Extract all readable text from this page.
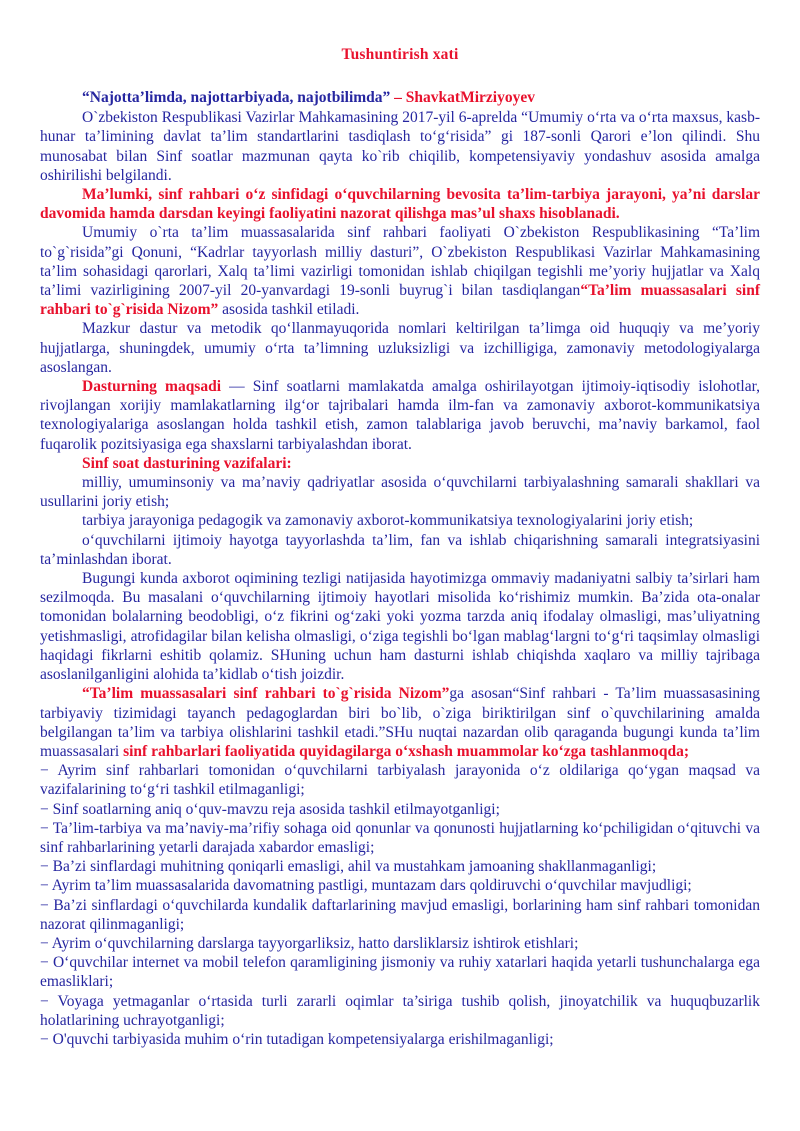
Tushuntirish xati

“Najotta’limda, najottarbiyada, najotbilimda” – ShavkatMirziyoyev

O`zbekiston Respublikasi Vazirlar Mahkamasining 2017-yil 6-aprelda “Umumiy o‘rta va o‘rta maxsus, kasb-hunar ta’limining davlat ta’lim standartlarini tasdiqlash to‘g‘risida” gi 187-sonli Qarori e’lon qilindi. Shu munosabat bilan Sinf soatlar mazmunan qayta ko`rib chiqilib, kompetensiyaviy yondashuv asosida amalga oshirilishi belgilandi.

Ma’lumki, sinf rahbari o‘z sinfidagi o‘quvchilarning bevosita ta’lim-tarbiya jarayoni, ya’ni darslar davomida hamda darsdan keyingi faoliyatini nazorat qilishga mas’ul shaxs hisoblanadi.

Umumiy o`rta ta’lim muassasalarida sinf rahbari faoliyati O`zbekiston Respublikasining “Ta’lim to`g`risida”gi Qonuni, “Kadrlar tayyorlash milliy dasturi”, O`zbekiston Respublikasi Vazirlar Mahkamasining ta’lim sohasidagi qarorlari, Xalq ta’limi vazirligi tomonidan ishlab chiqilgan tegishli me’yoriy hujjatlar va Xalq ta’limi vazirligining 2007-yil 20-yanvardagi 19-sonli buyrug`i bilan tasdiqlangan“Ta’lim muassasalari sinf rahbari to`g`risida Nizom” asosida tashkil etiladi.

Mazkur dastur va metodik qo‘llanmayuqorida nomlari keltirilgan ta’limga oid huquqiy va me’yoriy hujjatlarga, shuningdek, umumiy o‘rta ta’limning uzluksizligi va izchilligiga, zamonaviy metodologiyalarga asoslangan.

Dasturning maqsadi — Sinf soatlarni mamlakatda amalga oshirilayotgan ijtimoiy-iqtisodiy islohotlar, rivojlangan xorijiy mamlakatlarning ilg‘or tajribalari hamda ilm-fan va zamonaviy axborot-kommunikatsiya texnologiyalariga asoslangan holda tashkil etish, zamon talablariga javob beruvchi, ma’naviy barkamol, faol fuqarolik pozitsiyasiga ega shaxslarni tarbiyalashdan iborat.

Sinf soat dasturining vazifalari:

milliy, umuminsoniy va ma’naviy qadriyatlar asosida o‘quvchilarni tarbiyalashning samarali shakllari va usullarini joriy etish;

tarbiya jarayoniga pedagogik va zamonaviy axborot-kommunikatsiya texnologiyalarini joriy etish;

o‘quvchilarni ijtimoiy hayotga tayyorlashda ta’lim, fan va ishlab chiqarishning samarali integratsiyasini ta’minlashdan iborat.

Bugungi kunda axborot oqimining tezligi natijasida hayotimizga ommaviy madaniyatni salbiy ta’sirlari ham sezilmoqda. Bu masalani o‘quvchilarning ijtimoiy hayotlari misolida ko‘rishimiz mumkin. Ba’zida ota-onalar tomonidan bolalarning beodobligi, o‘z fikrini og‘zaki yoki yozma tarzda aniq ifodalay olmasligi, mas’uliyatning yetishmasligi, atrofidagilar bilan kelisha olmasligi, o‘ziga tegishli bo‘lgan mablag‘largni to‘g‘ri taqsimlay olmasligi haqidagi fikrlarni eshitib qolamiz. SHuning uchun ham dasturni ishlab chiqishda xaqlaro va milliy tajribaga asoslanilganligini alohida ta’kidlab o‘tish joizdir.

“Ta’lim muassasalari sinf rahbari to`g`risida Nizom”ga asosan“Sinf rahbari - Ta’lim muassasasining tarbiyaviy tizimidagi tayanch pedagoglardan biri bo`lib, o`ziga biriktirilgan sinf o`quvchilarining amalda belgilangan ta’lim va tarbiya olishlarini tashkil etadi.”SHu nuqtai nazardan olib qaraganda bugungi kunda ta’lim muassasalari sinf rahbarlari faoliyatida quyidagilarga o‘xshash muammolar ko‘zga tashlanmoqda;

− Ayrim sinf rahbarlari tomonidan o‘quvchilarni tarbiyalash jarayonida o‘z oldilariga qo‘ygan maqsad va vazifalarining to‘g‘ri tashkil etilmaganligi;

− Sinf soatlarning aniq o‘quv-mavzu reja asosida tashkil etilmayotganligi;

− Ta’lim-tarbiya va ma’naviy-ma’rifiy sohaga oid qonunlar va qonunosti hujjatlarning ko‘pchiligidan o‘qituvchi va sinf rahbarlarining yetarli darajada xabardor emasligi;

− Ba’zi sinflardagi muhitning qoniqarli emasligi, ahil va mustahkam jamoaning shakllanmaganligi;

− Ayrim ta’lim muassasalarida davomatning pastligi, muntazam dars qoldiruvchi o‘quvchilar mavjudligi;

− Ba’zi sinflardagi o‘quvchilarda kundalik daftarlarining mavjud emasligi, borlarining ham sinf rahbari tomonidan nazorat qilinmaganligi;

− Ayrim o‘quvchilarning darslarga tayyorgarliksiz, hatto darsliklarsiz ishtirok etishlari;

− O‘quvchilar internet va mobil telefon qaramligining jismoniy va ruhiy xatarlari haqida yetarli tushunchalarga ega emasliklari;

− Voyaga yetmaganlar o‘rtasida turli zararli oqimlar ta’siriga tushib qolish, jinoyatchilik va huquqbuzarlik holatlarining uchrayotganligi;

− O'quvchi tarbiyasida muhim o‘rin tutadigan kompetensiyalarga erishilmaganligi;
